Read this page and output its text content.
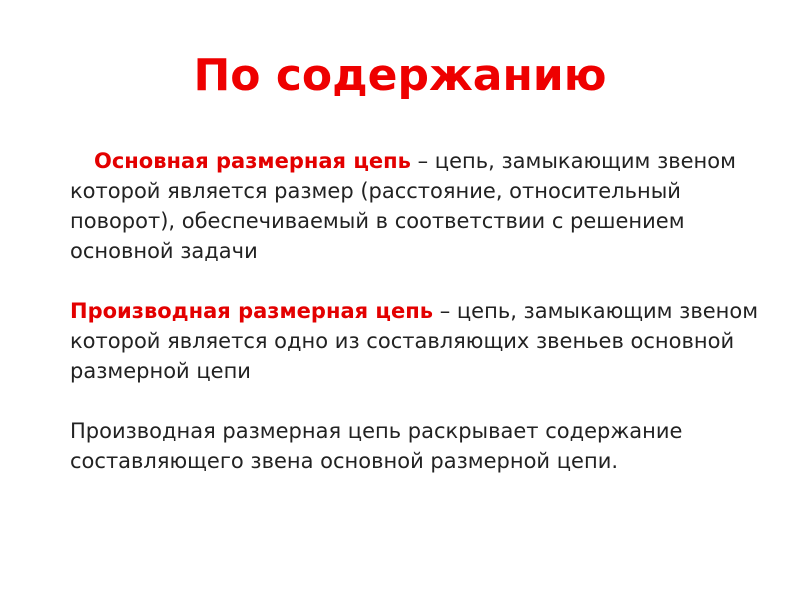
По содержанию

Основная размерная цепь – цепь, замыкающим звеном которой является размер (расстояние, относительный поворот), обеспечиваемый в соответствии с решением основной задачи

Производная размерная цепь – цепь, замыкающим звеном которой является одно из составляющих звеньев основной размерной цепи

Производная размерная цепь раскрывает содержание составляющего звена основной размерной цепи.
